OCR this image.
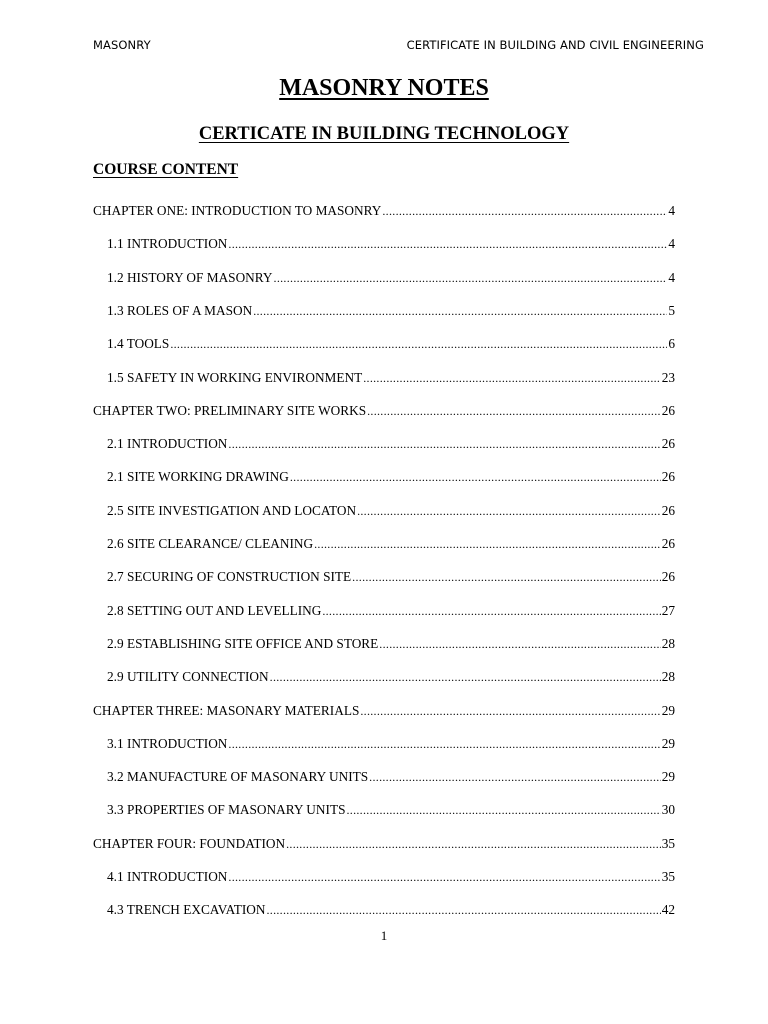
MASONRY	CERTIFICATE IN BUILDING AND CIVIL ENGINEERING
MASONRY NOTES
CERTICATE IN BUILDING TECHNOLOGY
COURSE CONTENT
CHAPTER ONE: INTRODUCTION TO MASONRY .....	4
1.1 INTRODUCTION .....	4
1.2 HISTORY OF MASONRY .....	4
1.3 ROLES OF A MASON .....	5
1.4 TOOLS .....	6
1.5 SAFETY IN WORKING ENVIRONMENT .....	23
CHAPTER TWO: PRELIMINARY SITE WORKS .....	26
2.1 INTRODUCTION .....	26
2.1 SITE WORKING DRAWING .....	26
2.5 SITE INVESTIGATION AND LOCATON .....	26
2.6 SITE CLEARANCE/ CLEANING .....	26
2.7 SECURING OF CONSTRUCTION SITE .....	26
2.8 SETTING OUT AND LEVELLING .....	27
2.9 ESTABLISHING SITE OFFICE AND STORE .....	28
2.9 UTILITY CONNECTION .....	28
CHAPTER THREE: MASONARY MATERIALS .....	29
3.1 INTRODUCTION .....	29
3.2 MANUFACTURE OF MASONARY UNITS .....	29
3.3 PROPERTIES OF MASONARY UNITS .....	30
CHAPTER FOUR: FOUNDATION .....	35
4.1 INTRODUCTION .....	35
4.3 TRENCH EXCAVATION .....	42
1
